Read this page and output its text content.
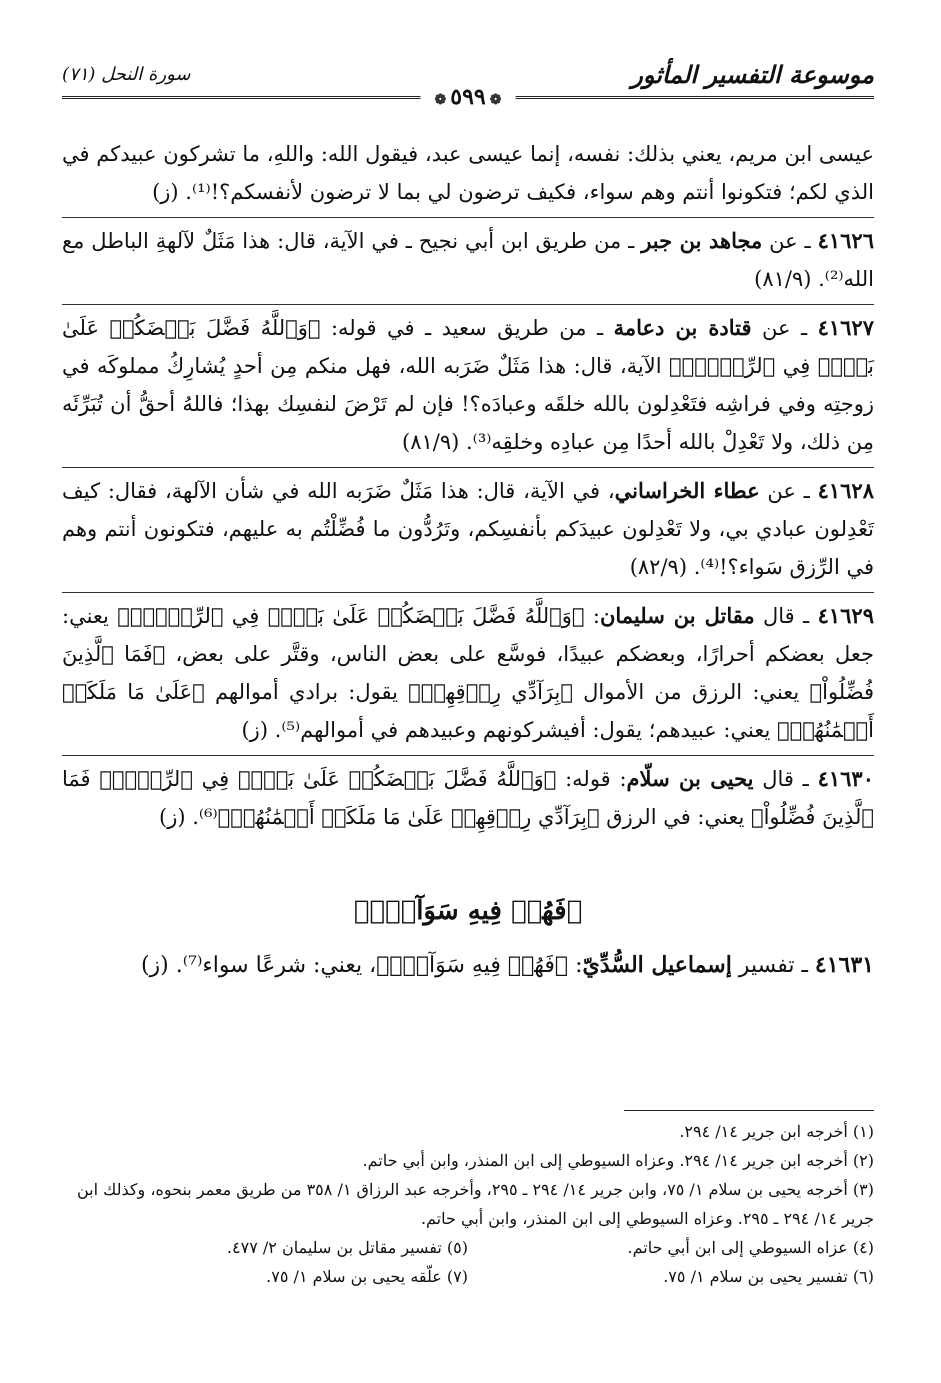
موسوعة التفسير المأثور
سورة النحل (٧١)
❁٥٩٩❁
عيسى ابن مريم، يعني بذلك: نفسه، إنما عيسى عبد، فيقول الله: واللهِ، ما تشركون عبيدكم في الذي لكم؛ فتكونوا أنتم وهم سواء، فكيف ترضون لي بما لا ترضون لأنفسكم؟!⁽¹⁾. (ز)
٤١٦٢٦ ـ عن مجاهد بن جبر ـ من طريق ابن أبي نجيح ـ في الآية، قال: هذا مَثَلٌ لآلهةِ الباطل مع الله⁽²⁾. (٨١/٩)
٤١٦٢٧ ـ عن قتادة بن دعامة ـ من طريق سعيد ـ في قوله: ﴿وَٱللَّهُ فَضَّلَ بَعۡضَكُمۡ عَلَىٰ بَعۡضٖ فِي ٱلرِّزۡقِۚ﴾ الآية، قال: هذا مَثَلٌ ضَرَبه الله، فهل منكم مِن أحدٍ يُشارِكُ مملوكَه في زوجتِه وفي فراشِه فتَعْدِلون بالله خلقَه وعبادَه؟! فإن لم تَرْضَ لنفسِك بهذا؛ فاللهُ أحقُّ أن تُبَرِّئَه مِن ذلك، ولا تَعْدِلْ بالله أحدًا مِن عبادِه وخلقِه⁽³⁾. (٨١/٩)
٤١٦٢٨ ـ عن عطاء الخراساني، في الآية، قال: هذا مَثَلٌ ضَرَبه الله في شأن الآلهة، فقال: كيف تَعْدِلون عبادي بي، ولا تَعْدِلون عبيدَكم بأنفسِكم، وتَرُدُّون ما فُضِّلْتُم به عليهم، فتكونون أنتم وهم في الرِّزق سَواء؟!⁽⁴⁾. (٨٢/٩)
٤١٦٢٩ ـ قال مقاتل بن سليمان: ﴿وَٱللَّهُ فَضَّلَ بَعۡضَكُمۡ عَلَىٰ بَعۡضٖ فِي ٱلرِّزۡقِۚ﴾ يعني: جعل بعضكم أحرارًا، وبعضكم عبيدًا، فوسَّع على بعض الناس، وقتَّر على بعض، ﴿فَمَا ٱلَّذِينَ فُضِّلُواْ﴾ يعني: الرزق من الأموال ﴿بِرَآدِّي رِزۡقِهِمۡ﴾ يقول: برادي أموالهم ﴿عَلَىٰ مَا مَلَكَتۡ أَيۡمَٰنُهُمۡ﴾ يعني: عبيدهم؛ يقول: أفيشركونهم وعبيدهم في أموالهم⁽⁵⁾. (ز)
٤١٦٣٠ ـ قال يحيى بن سلّام: قوله: ﴿وَٱللَّهُ فَضَّلَ بَعۡضَكُمۡ عَلَىٰ بَعۡضٖ فِي ٱلرِّزۡقِۚ فَمَا ٱلَّذِينَ فُضِّلُواْ﴾ يعني: في الرزق ﴿بِرَآدِّي رِزۡقِهِمۡ عَلَىٰ مَا مَلَكَتۡ أَيۡمَٰنُهُمۡ﴾⁽⁶⁾. (ز)
﴿فَهُمۡ فِيهِ سَوَآءٌۚ﴾
٤١٦٣١ ـ تفسير إسماعيل السُّدِّيّ: ﴿فَهُمۡ فِيهِ سَوَآءٌۚ﴾، يعني: شرعًا سواء⁽⁷⁾. (ز)
(١) أخرجه ابن جرير ١٤/ ٢٩٤.
(٢) أخرجه ابن جرير ١٤/ ٢٩٤. وعزاه السيوطي إلى ابن المنذر، وابن أبي حاتم.
(٣) أخرجه يحيى بن سلام ١/ ٧٥، وابن جرير ١٤/ ٢٩٤ ـ ٢٩٥، وأخرجه عبد الرزاق ١/ ٣٥٨ من طريق معمر بنحوه، وكذلك ابن جرير ١٤/ ٢٩٤ ـ ٢٩٥. وعزاه السيوطي إلى ابن المنذر، وابن أبي حاتم.
(٤) عزاه السيوطي إلى ابن أبي حاتم.
(٥) تفسير مقاتل بن سليمان ٢/ ٤٧٧.
(٦) تفسير يحيى بن سلام ١/ ٧٥.
(٧) علّقه يحيى بن سلام ١/ ٧٥.
